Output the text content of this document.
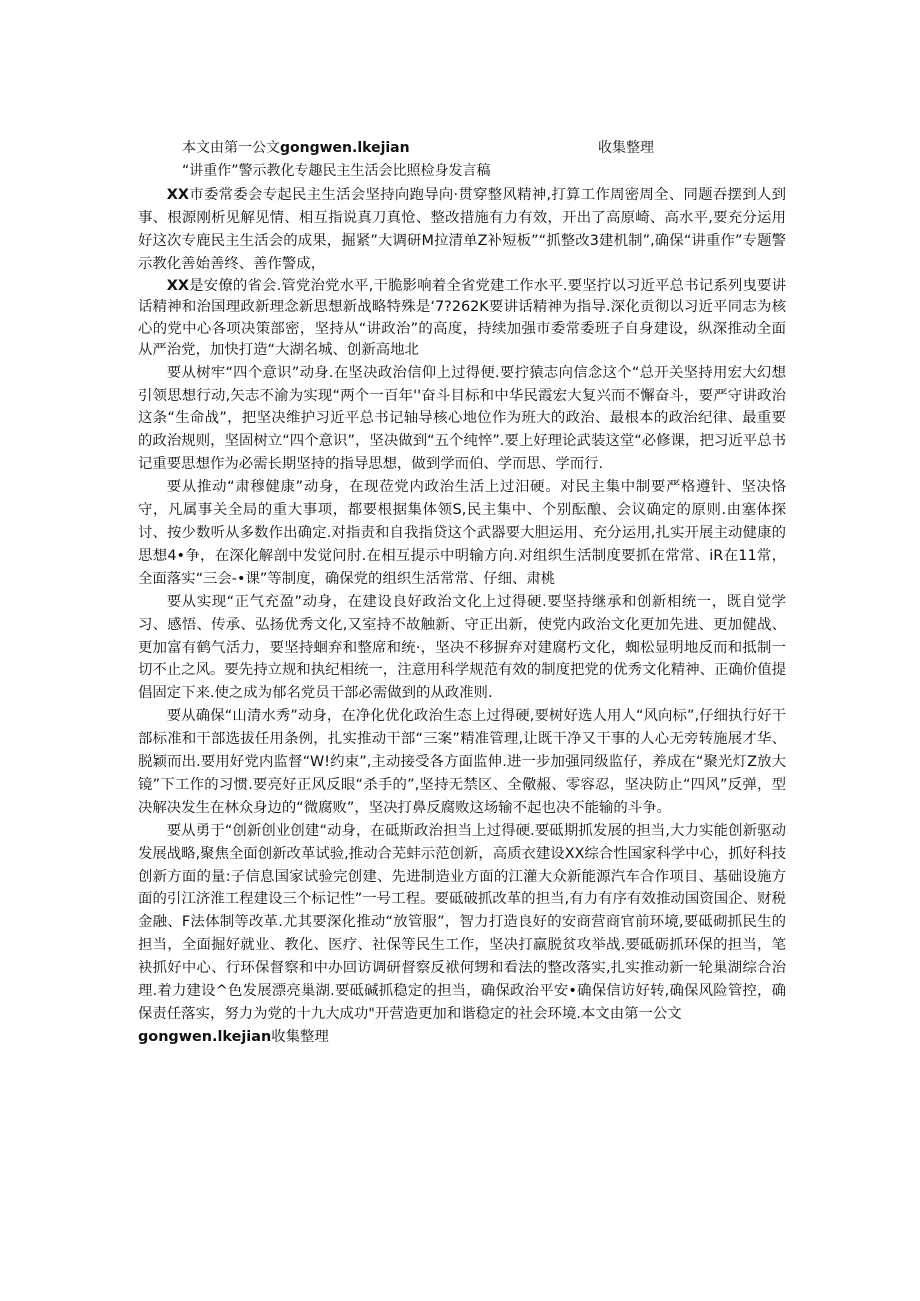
本文由第一公文gongwen.lkejian	收集整理
“讲重作”警示教化专趣民主生活会比照检身发言稿

XX市委常委会专起民主生活会坚持向跑导向·贯穿整风精神,打算工作周密周全、同题吞摆到人到事、根源刚析见解见情、相互指说真刀真怆、整改措施有力有效，开出了高原崎、高水平,要充分运用好这次专鹿民主生活会的成果，掘紧”大调研M拉清单Z补短板”“抓整改3建机制”,确保“讲重作”专题警示教化善始善终、善作警成，

XX是安僚的省会.管党治党水平,干脆影响着全省党建工作水平.要坚拧以习近平总书记系列曳要讲话精神和治国理政新理念新思想新战略特殊是‘7?262K要讲话精神为指导.深化贡彻以习近平同志为核心的党中心各项决策部密，坚持从“讲政治”的高度，持续加强市委常委班子自身建设，纵深推动全面从严治党，加快打造“大湖名城、创新高地北

要从树牢“四个意识”动身.在坚决政治信仰上过得便.要拧猿志向信念这个“总开关坚持用宏大幻想引领思想行动,矢志不渝为实现“两个一百年''奋斗目标和中华民霞宏大复兴而不懈奋斗，要严守讲政治这条“生命战”，把坚决维护习近平总书记轴导核心地位作为班大的政治、最根本的政治纪律、最重要的政治规则，坚固树立“四个意识”，坚决做到“五个纯悴”.要上好理论武装这堂“必修课，把习近平总书记重要思想作为必需长期坚持的指导思想，做到学而伯、学而思、学而行.

要从推动“肃穆健康”动身，在现莅党内政治生活上过汨硬。对民主集中制要严格遵针、坚决恪守，凡属事关全局的重大事项，都要根据集体领S,民主集中、个别酝酿、会议确定的原则.由塞体探讨、按少数听从多数作出确定.对指责和自我指贷这个武器要大胆运用、充分运用,扎实开展主动健康的思想4•争，在深化解剖中发觉问肘.在相互提示中明输方向.对组织生活制度要抓在常常、iR在11常，全面落实“三会-•课”等制度，确保党的组织生活常常、仔细、肃桃

要从实现“正气充盈”动身，在建设良好政治文化上过得硬.要坚持继承和创新相统一，既自觉学习、感悟、传承、弘扬优秀文化,又室持不故触新、守正出新，使党内政治文化更加先进、更加健战、更加富有鹤气活力，要坚持蛔弃和整席和统·，坚决不移摒弃对建腐朽文化，蜘松显明地反而和抵制一切不止之风。要先持立规和执纪相统一，注意用科学规范有效的制度把党的优秀文化精神、正确价值提倡固定下来.使之成为郁名党员干部必需做到的从政准则.

要从确保“山清水秀”动身，在净化优化政治生态上过得硬,要树好选人用人“风向标”,仔细执行好干部标准和干部选拔任用条例，扎实推动干部“三案”精准管理,让既干净又干事的人心无旁转施展才华、脱颖而出.要用好党内监督“W!约束”,主动接受各方面监伸.进一步加强同级监仔，养成在“聚光灯Z放大镜”下工作的习惯.要亮好正风反眼“杀手的”,坚持无禁区、全儆赧、零容忍，坚决防止“四风”反弹，型决解决发生在林众身边的“微腐败”，坚决打鼻反腐败这场输不起也决不能输的斗争。

要从勇于“创新创业创建“动身，在砥斯政治担当上过得硬.要砥期抓发展的担当,大力实能创新驱动发展战略,聚焦全面创新改革试验,推动合芜蚌示范创新，高质衣建设XX综合性国家科学中心，抓好科技创新方面的量:子信息国家试验完创建、先进制造业方面的江灌大众新能源汽车合作项目、基础设施方面的引江济淮工程建设三个标记性”一号工程。要砥破抓改革的担当,有力有序有效推动国资国企、财税金融、F法体制等改革.尤其要深化推动“放管服”，智力打造良好的安商营商官前环境,要砥砌抓民生的担当，全面掘好就业、教化、医疗、社保等民生工作，坚决打羸脱贫攻举战.要砥砺抓环保的担当，笔袂抓好中心、行环保督察和中办回访调研督察反袱何甥和看法的整改落实,扎实推动新一轮巢湖综合治理.着力建设^色发展漂亮巢湖.要砥碱抓稳定的担当，确保政治平安•确保信访好转,确保风险管控，确保责任落实，努力为党的十九大成功"开营造更加和谐稳定的社会环境.本文由第一公文

gongwen.lkejian收集整理
